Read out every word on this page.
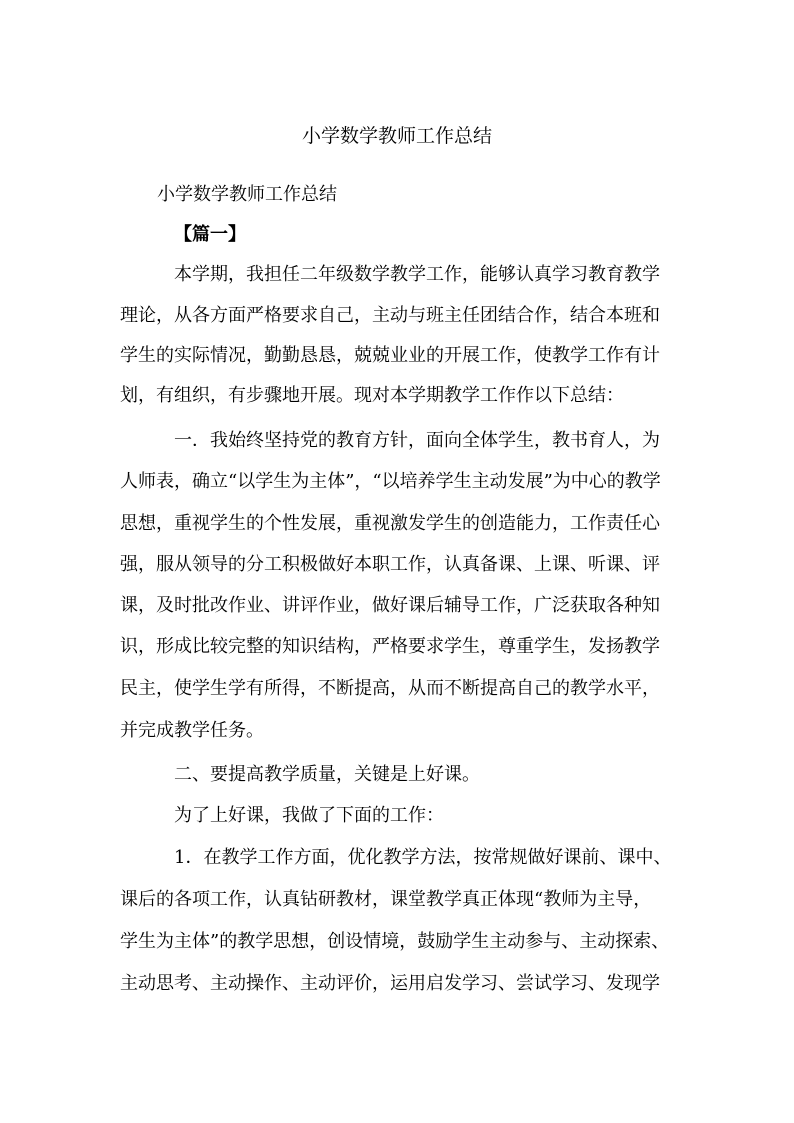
小学数学教师工作总结
小学数学教师工作总结
【篇一】
本学期，我担任二年级数学教学工作，能够认真学习教育教学
理论，从各方面严格要求自己，主动与班主任团结合作，结合本班和
学生的实际情况，勤勤恳恳，兢兢业业的开展工作，使教学工作有计
划，有组织，有步骤地开展。现对本学期教学工作作以下总结：
一．我始终坚持党的教育方针，面向全体学生，教书育人，为
人师表，确立“以学生为主体”，“以培养学生主动发展”为中心的教学
思想，重视学生的个性发展，重视激发学生的创造能力，工作责任心
强，服从领导的分工积极做好本职工作，认真备课、上课、听课、评
课，及时批改作业、讲评作业，做好课后辅导工作，广泛获取各种知
识，形成比较完整的知识结构，严格要求学生，尊重学生，发扬教学
民主，使学生学有所得，不断提高，从而不断提高自己的教学水平，
并完成教学任务。
二、要提高教学质量，关键是上好课。
为了上好课，我做了下面的工作：
1．在教学工作方面，优化教学方法，按常规做好课前、课中、
课后的各项工作，认真钻研教材，课堂教学真正体现“教师为主导，
学生为主体”的教学思想，创设情境，鼓励学生主动参与、主动探索、
主动思考、主动操作、主动评价，运用启发学习、尝试学习、发现学
